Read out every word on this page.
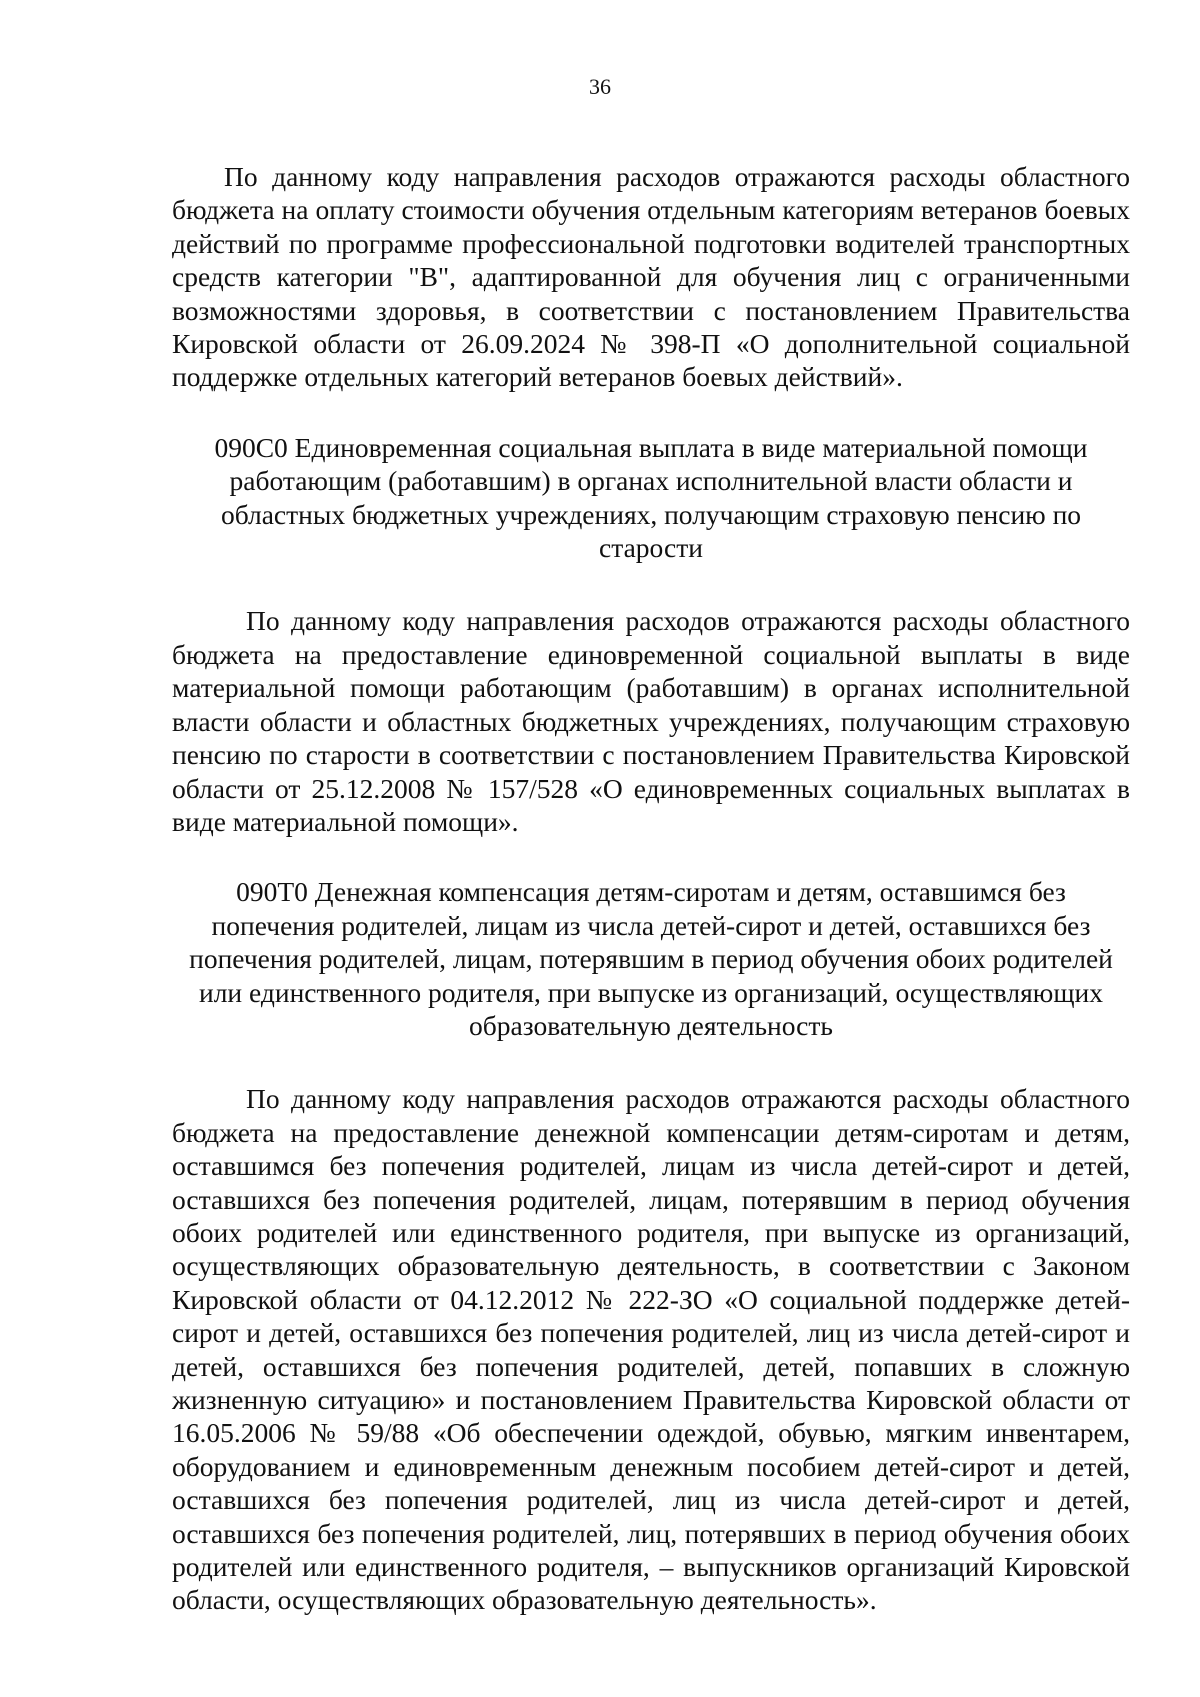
36

По данному коду направления расходов отражаются расходы областного бюджета на оплату стоимости обучения отдельным категориям ветеранов боевых действий по программе профессиональной подготовки водителей транспортных средств категории "B", адаптированной для обучения лиц с ограниченными возможностями здоровья, в соответствии с постановлением Правительства Кировской области от 26.09.2024 № 398-П «О дополнительной социальной поддержке отдельных категорий ветеранов боевых действий».

090C0 Единовременная социальная выплата в виде материальной помощи работающим (работавшим) в органах исполнительной власти области и областных бюджетных учреждениях, получающим страховую пенсию по старости

По данному коду направления расходов отражаются расходы областного бюджета на предоставление единовременной социальной выплаты в виде материальной помощи работающим (работавшим) в органах исполнительной власти области и областных бюджетных учреждениях, получающим страховую пенсию по старости в соответствии с постановлением Правительства Кировской области от 25.12.2008 № 157/528 «О единовременных социальных выплатах в виде материальной помощи».

090T0 Денежная компенсация детям-сиротам и детям, оставшимся без попечения родителей, лицам из числа детей-сирот и детей, оставшихся без попечения родителей, лицам, потерявшим в период обучения обоих родителей или единственного родителя, при выпуске из организаций, осуществляющих образовательную деятельность

По данному коду направления расходов отражаются расходы областного бюджета на предоставление денежной компенсации детям-сиротам и детям, оставшимся без попечения родителей, лицам из числа детей-сирот и детей, оставшихся без попечения родителей, лицам, потерявшим в период обучения обоих родителей или единственного родителя, при выпуске из организаций, осуществляющих образовательную деятельность, в соответствии с Законом Кировской области от 04.12.2012 № 222-ЗО «О социальной поддержке детей-сирот и детей, оставшихся без попечения родителей, лиц из числа детей-сирот и детей, оставшихся без попечения родителей, детей, попавших в сложную жизненную ситуацию» и постановлением Правительства Кировской области от 16.05.2006 № 59/88 «Об обеспечении одеждой, обувью, мягким инвентарем, оборудованием и единовременным денежным пособием детей-сирот и детей, оставшихся без попечения родителей, лиц из числа детей-сирот и детей, оставшихся без попечения родителей, лиц, потерявших в период обучения обоих родителей или единственного родителя, – выпускников организаций Кировской области, осуществляющих образовательную деятельность».
